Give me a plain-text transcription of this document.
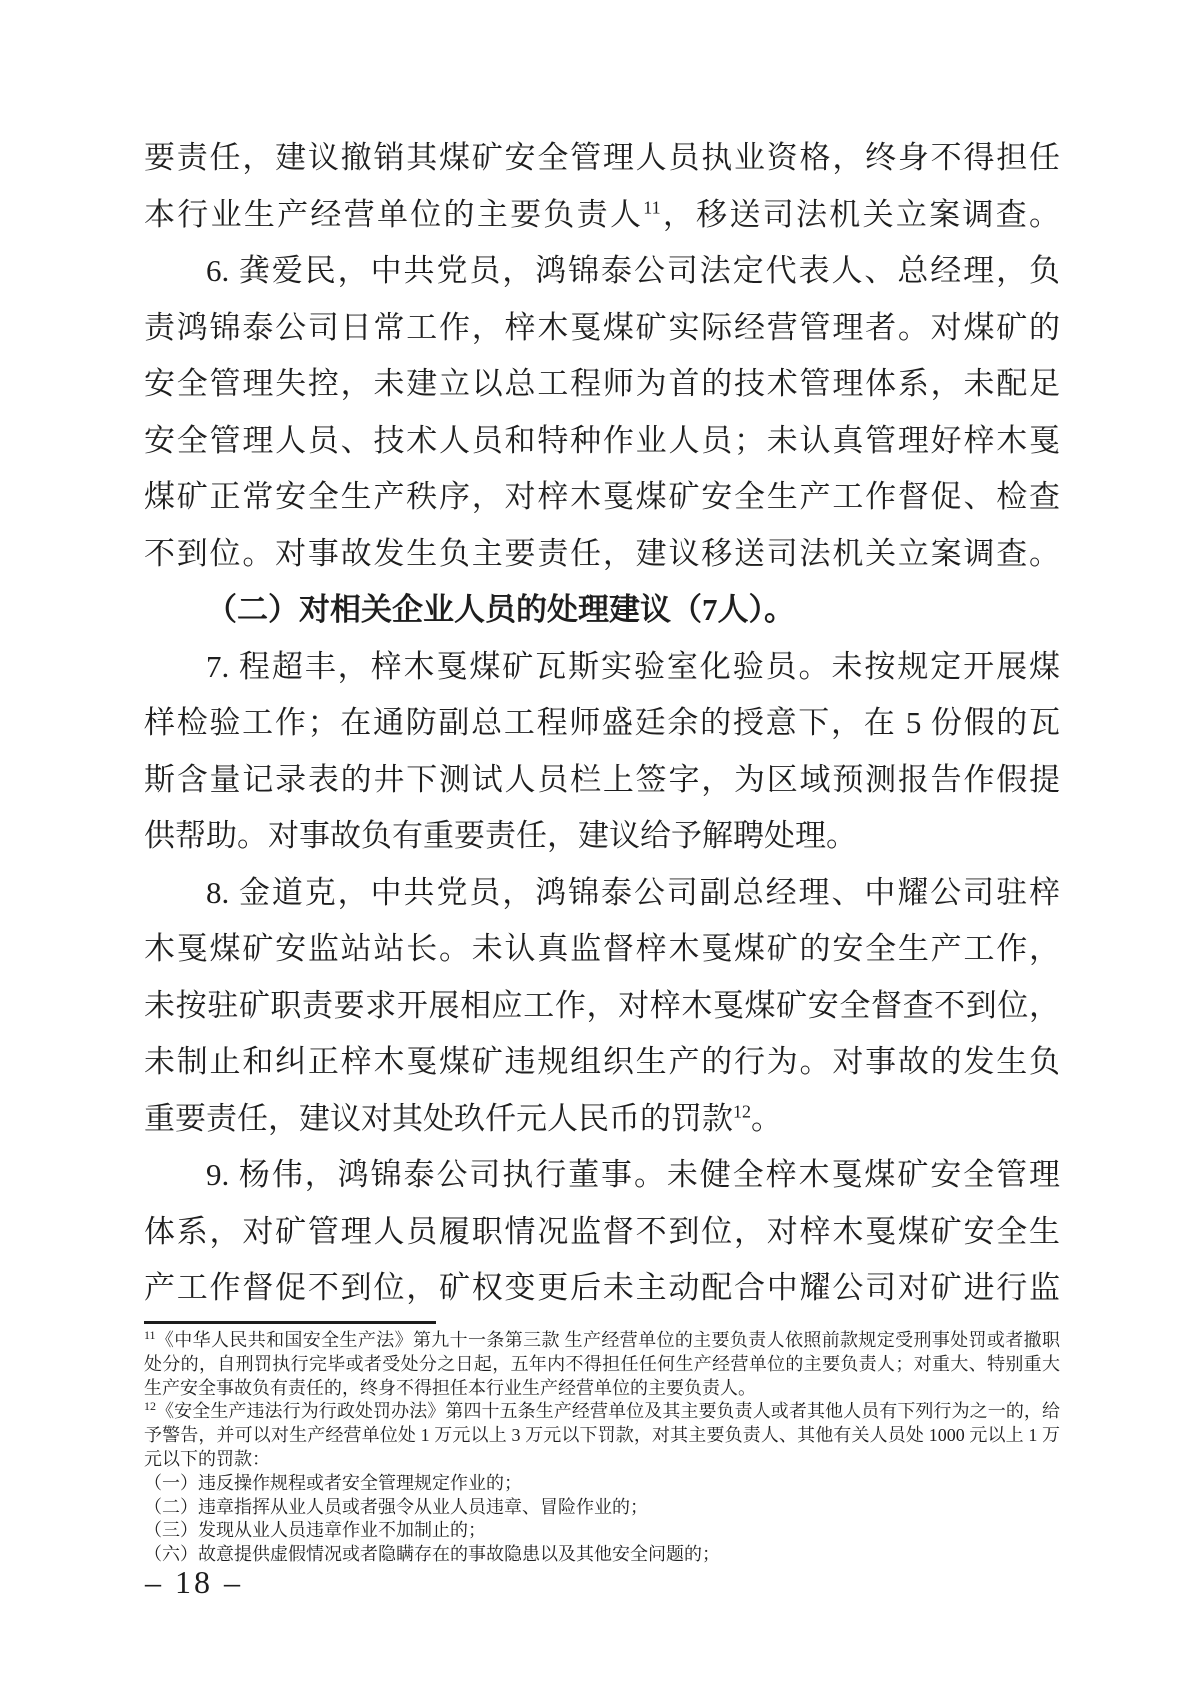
要责任，建议撤销其煤矿安全管理人员执业资格，终身不得担任
本行业生产经营单位的主要负责人$^{11}$，移送司法机关立案调查。
6. 龚爱民，中共党员，鸿锦泰公司法定代表人、总经理，负
责鸿锦泰公司日常工作，梓木戛煤矿实际经营管理者。对煤矿的
安全管理失控，未建立以总工程师为首的技术管理体系，未配足
安全管理人员、技术人员和特种作业人员；未认真管理好梓木戛
煤矿正常安全生产秩序，对梓木戛煤矿安全生产工作督促、检查
不到位。对事故发生负主要责任，建议移送司法机关立案调查。
（二）对相关企业人员的处理建议（7人）。
7. 程超丰，梓木戛煤矿瓦斯实验室化验员。未按规定开展煤
样检验工作；在通防副总工程师盛廷余的授意下，在 5 份假的瓦
斯含量记录表的井下测试人员栏上签字，为区域预测报告作假提
供帮助。对事故负有重要责任，建议给予解聘处理。
8. 金道克，中共党员，鸿锦泰公司副总经理、中耀公司驻梓
木戛煤矿安监站站长。未认真监督梓木戛煤矿的安全生产工作，
未按驻矿职责要求开展相应工作，对梓木戛煤矿安全督查不到位，
未制止和纠正梓木戛煤矿违规组织生产的行为。对事故的发生负
重要责任，建议对其处玖仟元人民币的罚款$^{12}$。
9. 杨伟，鸿锦泰公司执行董事。未健全梓木戛煤矿安全管理
体系，对矿管理人员履职情况监督不到位，对梓木戛煤矿安全生
产工作督促不到位，矿权变更后未主动配合中耀公司对矿进行监
$^{11}$《中华人民共和国安全生产法》第九十一条第三款 生产经营单位的主要负责人依照前款规定受刑事处罚或者撤职
处分的，自刑罚执行完毕或者受处分之日起，五年内不得担任任何生产经营单位的主要负责人；对重大、特别重大
生产安全事故负有责任的，终身不得担任本行业生产经营单位的主要负责人。
$^{12}$《安全生产违法行为行政处罚办法》第四十五条生产经营单位及其主要负责人或者其他人员有下列行为之一的，给
予警告，并可以对生产经营单位处 1 万元以上 3 万元以下罚款，对其主要负责人、其他有关人员处 1000 元以上 1 万
元以下的罚款：
（一）违反操作规程或者安全管理规定作业的；
（二）违章指挥从业人员或者强令从业人员违章、冒险作业的；
（三）发现从业人员违章作业不加制止的；
（六）故意提供虚假情况或者隐瞒存在的事故隐患以及其他安全问题的；
– 18 –
